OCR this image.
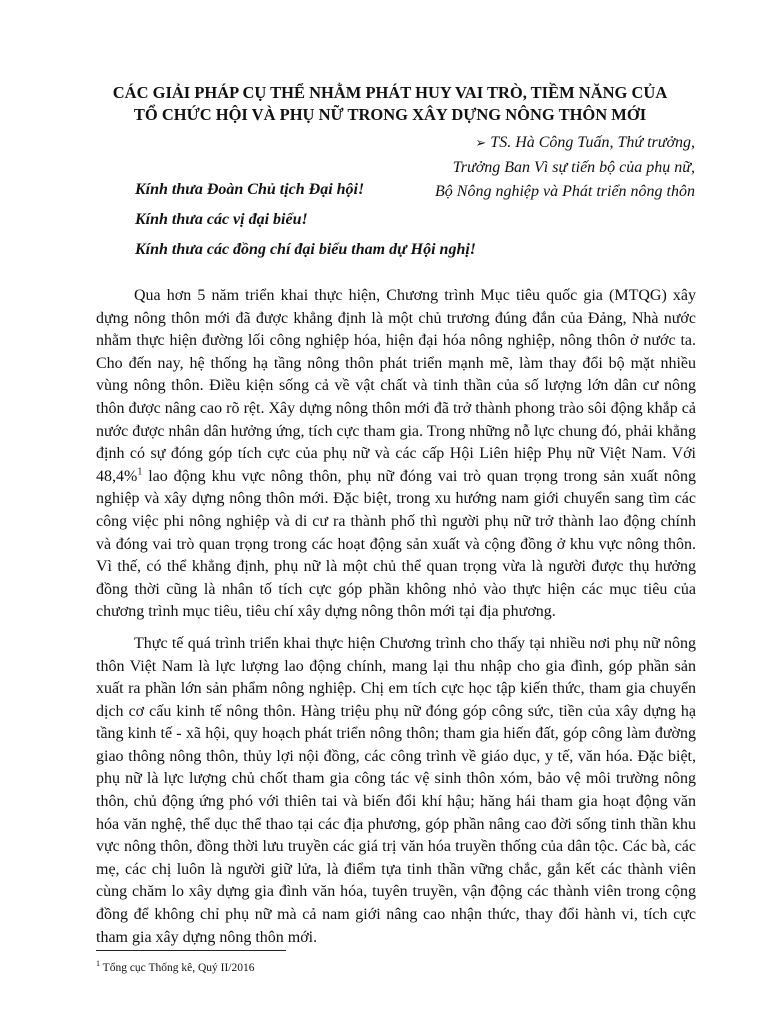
CÁC GIẢI PHÁP CỤ THỂ NHẰM PHÁT HUY VAI TRÒ, TIỀM NĂNG CỦA
TỔ CHỨC HỘI VÀ PHỤ NỮ TRONG XÂY DỰNG NÔNG THÔN MỚI
➢ TS. Hà Công Tuấn, Thứ trưởng,
Trưởng Ban Vì sự tiến bộ của phụ nữ,
Bộ Nông nghiệp và Phát triển nông thôn
Kính thưa Đoàn Chủ tịch Đại hội!
Kính thưa các vị đại biểu!
Kính thưa các đồng chí đại biểu tham dự Hội nghị!

Qua hơn 5 năm triển khai thực hiện, Chương trình Mục tiêu quốc gia (MTQG) xây dựng nông thôn mới đã được khẳng định là một chủ trương đúng đắn của Đảng, Nhà nước nhằm thực hiện đường lối công nghiệp hóa, hiện đại hóa nông nghiệp, nông thôn ở nước ta. Cho đến nay, hệ thống hạ tầng nông thôn phát triển mạnh mẽ, làm thay đổi bộ mặt nhiều vùng nông thôn. Điều kiện sống cả về vật chất và tinh thần của số lượng lớn dân cư nông thôn được nâng cao rõ rệt. Xây dựng nông thôn mới đã trở thành phong trào sôi động khắp cả nước được nhân dân hưởng ứng, tích cực tham gia. Trong những nỗ lực chung đó, phải khẳng định có sự đóng góp tích cực của phụ nữ và các cấp Hội Liên hiệp Phụ nữ Việt Nam. Với 48,4%$^1$ lao động khu vực nông thôn, phụ nữ đóng vai trò quan trọng trong sản xuất nông nghiệp và xây dựng nông thôn mới. Đặc biệt, trong xu hướng nam giới chuyển sang tìm các công việc phi nông nghiệp và di cư ra thành phố thì người phụ nữ trở thành lao động chính và đóng vai trò quan trọng trong các hoạt động sản xuất và cộng đồng ở khu vực nông thôn. Vì thế, có thể khẳng định, phụ nữ là một chủ thể quan trọng vừa là người được thụ hưởng đồng thời cũng là nhân tố tích cực góp phần không nhỏ vào thực hiện các mục tiêu của chương trình mục tiêu, tiêu chí xây dựng nông thôn mới tại địa phương.

Thực tế quá trình triển khai thực hiện Chương trình cho thấy tại nhiều nơi phụ nữ nông thôn Việt Nam là lực lượng lao động chính, mang lại thu nhập cho gia đình, góp phần sản xuất ra phần lớn sản phẩm nông nghiệp. Chị em tích cực học tập kiến thức, tham gia chuyển dịch cơ cấu kinh tế nông thôn. Hàng triệu phụ nữ đóng góp công sức, tiền của xây dựng hạ tầng kinh tế - xã hội, quy hoạch phát triển nông thôn; tham gia hiến đất, góp công làm đường giao thông nông thôn, thủy lợi nội đồng, các công trình về giáo dục, y tế, văn hóa. Đặc biệt, phụ nữ là lực lượng chủ chốt tham gia công tác vệ sinh thôn xóm, bảo vệ môi trường nông thôn, chủ động ứng phó với thiên tai và biến đổi khí hậu; hăng hái tham gia hoạt động văn hóa văn nghệ, thể dục thể thao tại các địa phương, góp phần nâng cao đời sống tinh thần khu vực nông thôn, đồng thời lưu truyền các giá trị văn hóa truyền thống của dân tộc. Các bà, các mẹ, các chị luôn là người giữ lửa, là điểm tựa tinh thần vững chắc, gắn kết các thành viên cùng chăm lo xây dựng gia đình văn hóa, tuyên truyền, vận động các thành viên trong cộng đồng để không chỉ phụ nữ mà cả nam giới nâng cao nhận thức, thay đổi hành vi, tích cực tham gia xây dựng nông thôn mới.

$^1$ Tổng cục Thống kê, Quý II/2016
